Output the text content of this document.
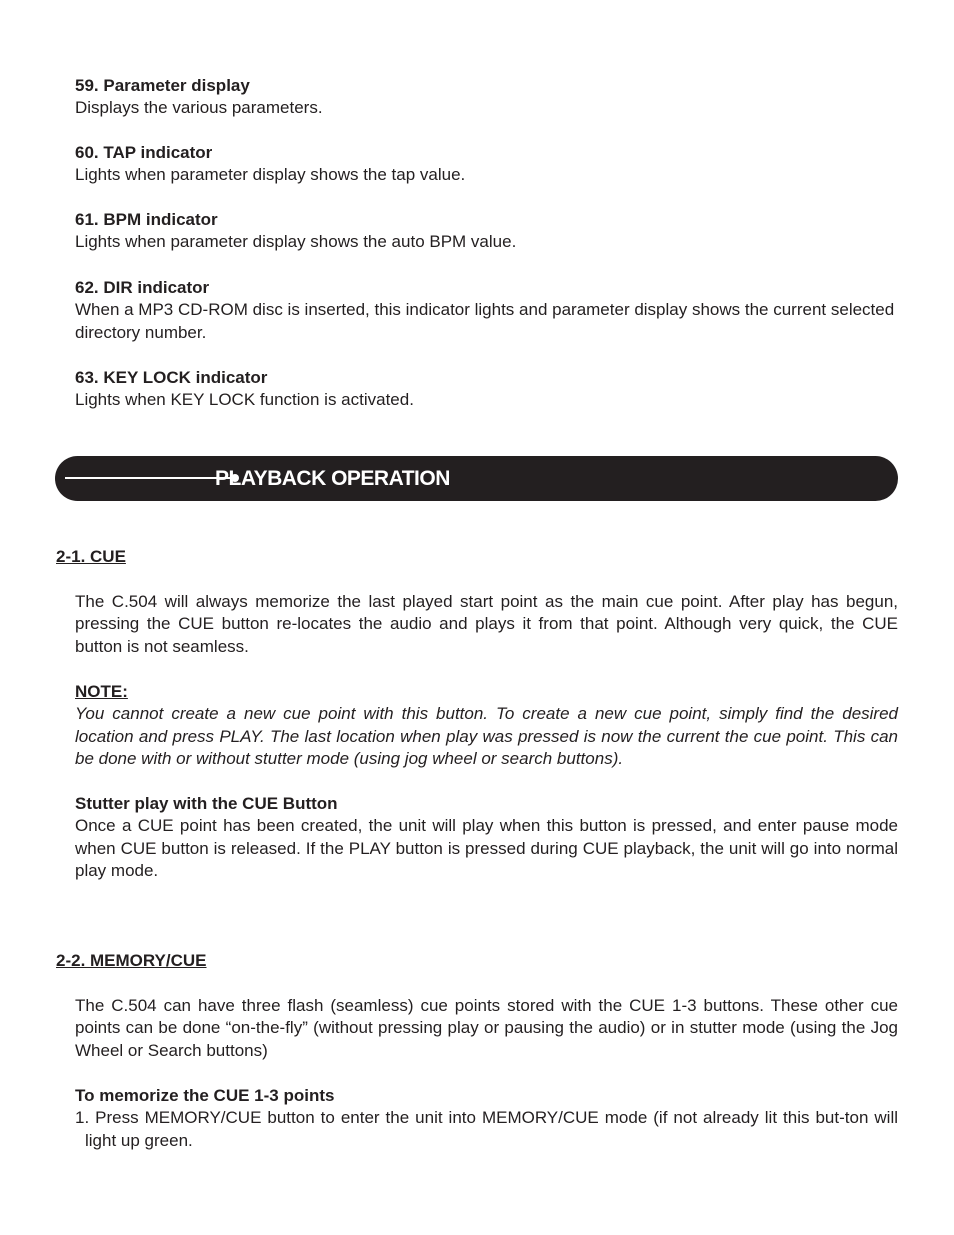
59. Parameter display

Displays the various parameters.

60. TAP indicator

Lights when parameter display shows the tap value.

61. BPM indicator

Lights when parameter display shows the auto BPM value.

62. DIR indicator

When a MP3 CD-ROM disc is inserted, this indicator lights and parameter display shows the current selected directory number.

63. KEY LOCK indicator

Lights when KEY LOCK function is activated.

PLAYBACK OPERATION
2-1. CUE

The C.504 will always memorize the last played start point as the main cue point. After play has begun, pressing the CUE button re-locates the audio and plays it from that point. Although very quick, the CUE button is not seamless.

NOTE:

You cannot create a new cue point with this button. To create a new cue point, simply find the desired location and press PLAY. The last location when play was pressed is now the current the cue point. This can be done with or without stutter mode (using jog wheel or search buttons).

Stutter play with the CUE Button

Once a CUE point has been created, the unit will play when this button is pressed, and enter pause mode when CUE button is released. If the PLAY button is pressed during CUE playback, the unit will go into normal play mode.

2-2. MEMORY/CUE

The C.504 can have three flash (seamless) cue points stored with the CUE 1-3 buttons. These other cue points can be done “on-the-fly” (without pressing play or pausing the audio) or in stutter mode (using the Jog Wheel or Search buttons)

To memorize the CUE 1-3 points

1. Press MEMORY/CUE button to enter the unit into MEMORY/CUE mode (if not already lit this but-ton will light up green.
